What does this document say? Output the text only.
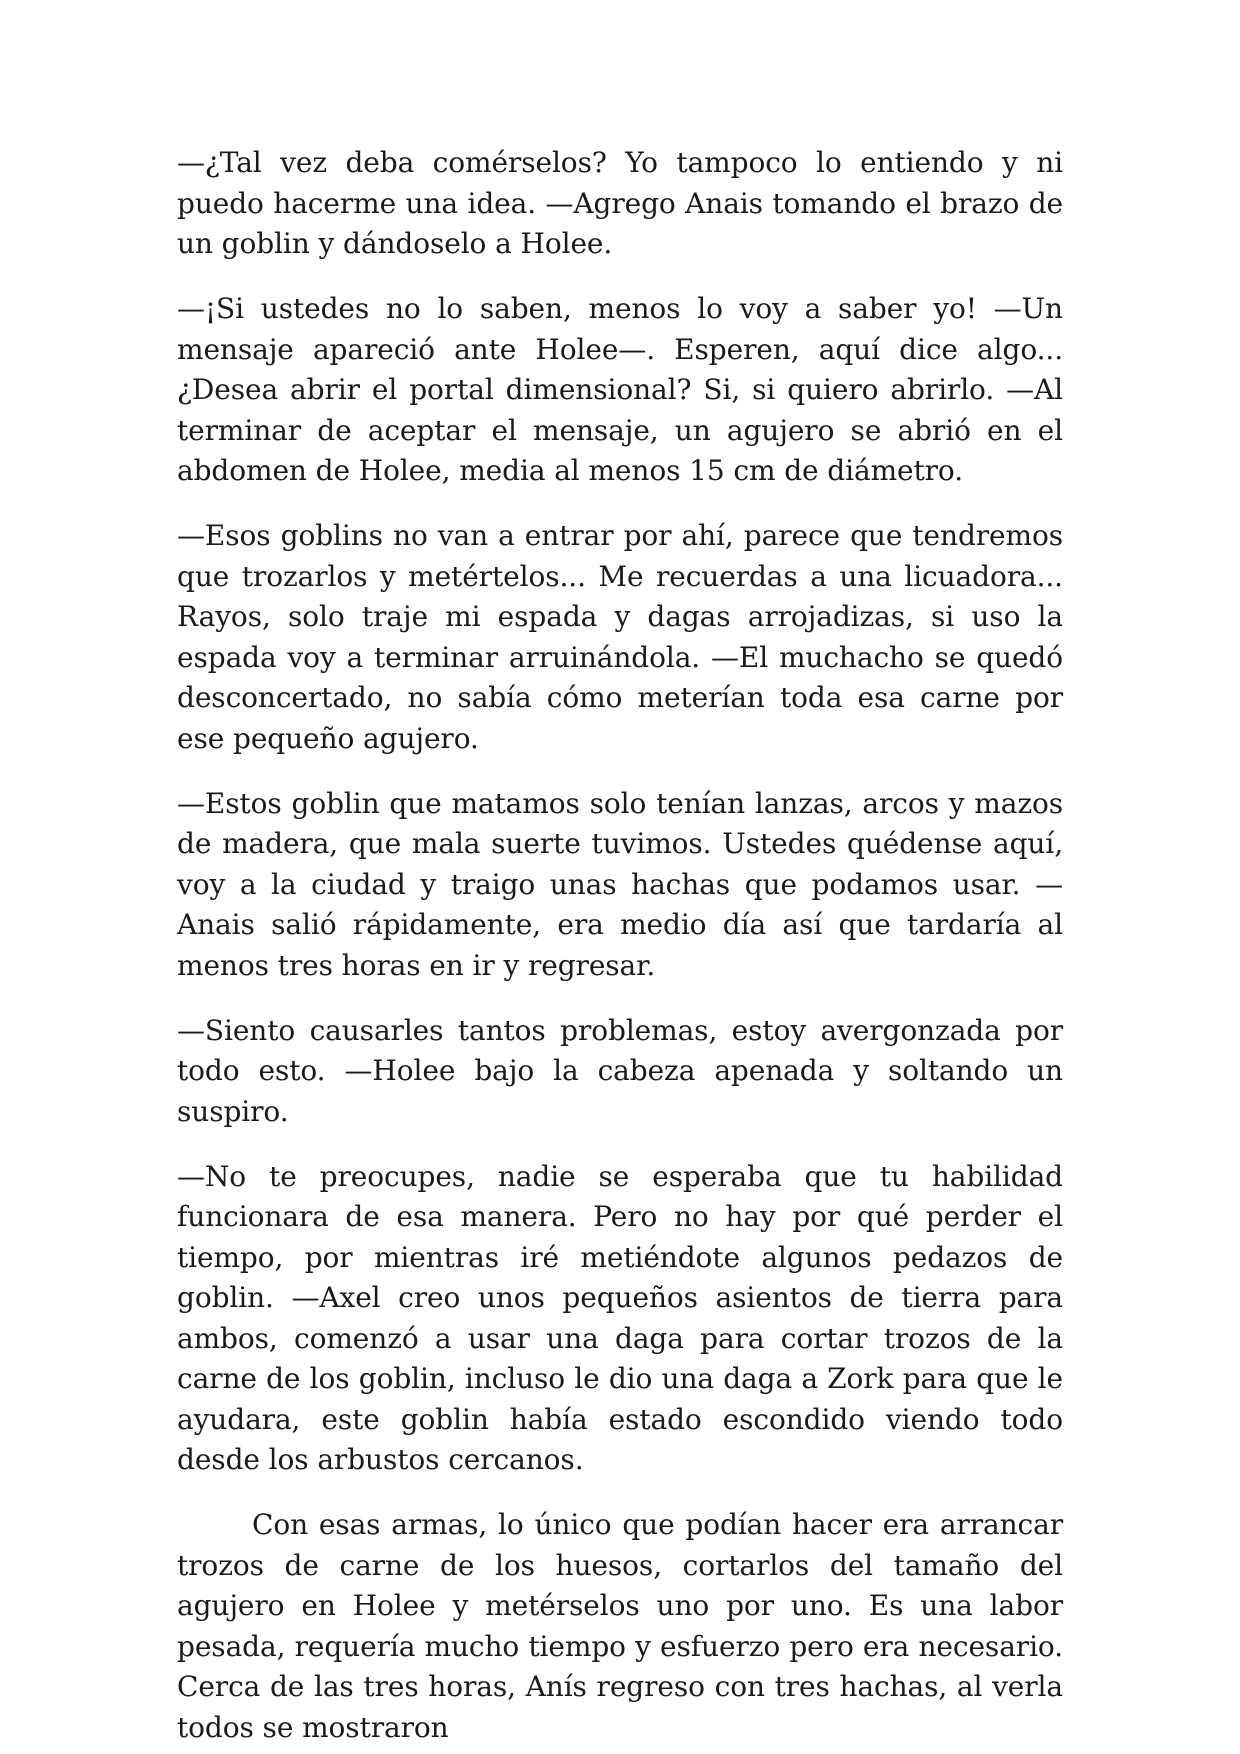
—¿Tal vez deba comérselos? Yo tampoco lo entiendo y ni puedo hacerme una idea. —Agrego Anais tomando el brazo de un goblin y dándoselo a Holee.

—¡Si ustedes no lo saben, menos lo voy a saber yo! —Un mensaje apareció ante Holee—. Esperen, aquí dice algo... ¿Desea abrir el portal dimensional? Si, si quiero abrirlo. —Al terminar de aceptar el mensaje, un agujero se abrió en el abdomen de Holee, media al menos 15 cm de diámetro.

—Esos goblins no van a entrar por ahí, parece que tendremos que trozarlos y metértelos... Me recuerdas a una licuadora... Rayos, solo traje mi espada y dagas arrojadizas, si uso la espada voy a terminar arruinándola. —El muchacho se quedó desconcertado, no sabía cómo meterían toda esa carne por ese pequeño agujero.

—Estos goblin que matamos solo tenían lanzas, arcos y mazos de madera, que mala suerte tuvimos. Ustedes quédense aquí, voy a la ciudad y traigo unas hachas que podamos usar. —Anais salió rápidamente, era medio día así que tardaría al menos tres horas en ir y regresar.

—Siento causarles tantos problemas, estoy avergonzada por todo esto. —Holee bajo la cabeza apenada y soltando un suspiro.

—No te preocupes, nadie se esperaba que tu habilidad funcionara de esa manera. Pero no hay por qué perder el tiempo, por mientras iré metiéndote algunos pedazos de goblin. —Axel creo unos pequeños asientos de tierra para ambos, comenzó a usar una daga para cortar trozos de la carne de los goblin, incluso le dio una daga a Zork para que le ayudara, este goblin había estado escondido viendo todo desde los arbustos cercanos.

Con esas armas, lo único que podían hacer era arrancar trozos de carne de los huesos, cortarlos del tamaño del agujero en Holee y metérselos uno por uno. Es una labor pesada, requería mucho tiempo y esfuerzo pero era necesario. Cerca de las tres horas, Anís regreso con tres hachas, al verla todos se mostraron
